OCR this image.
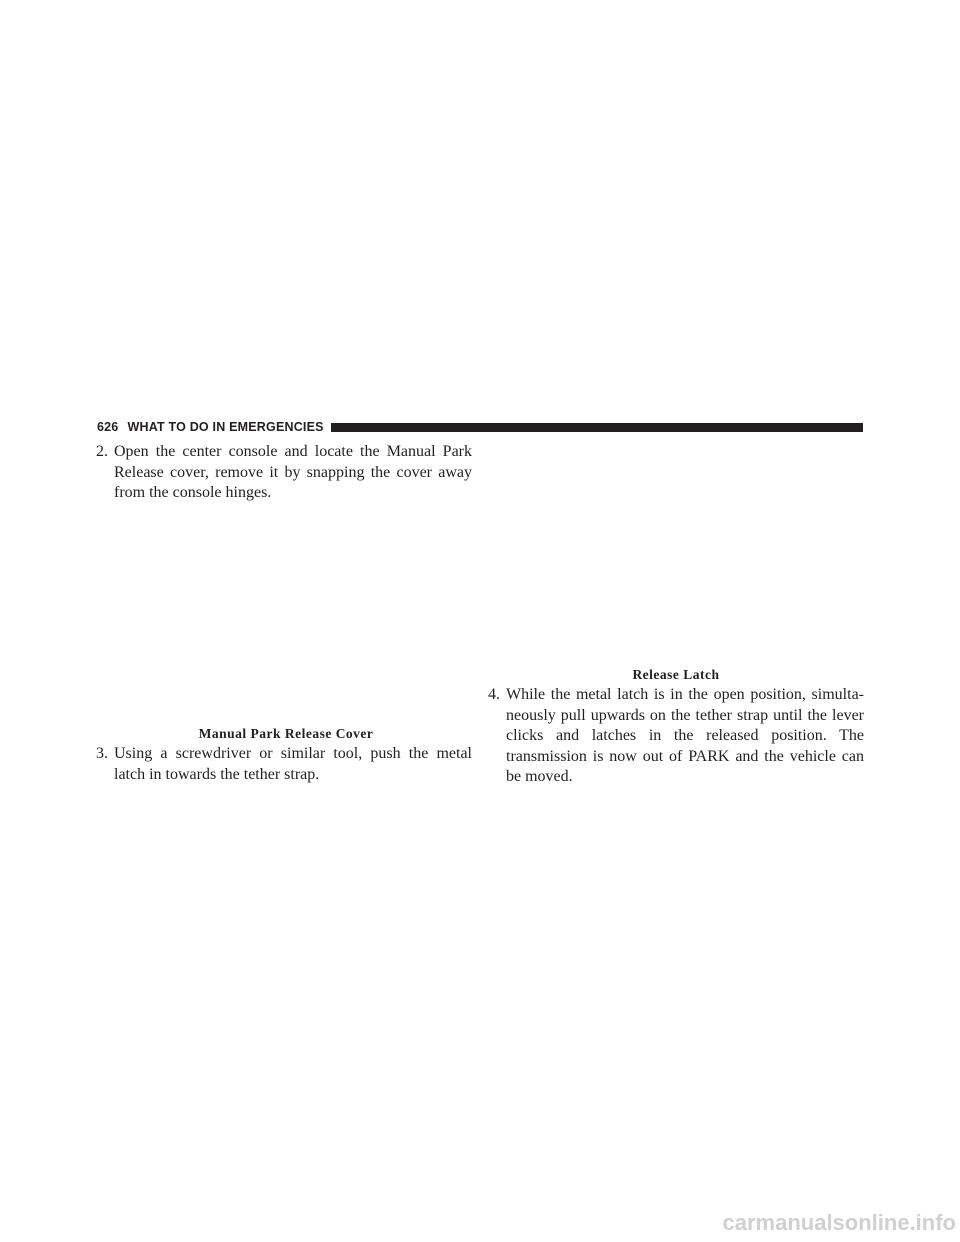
626 WHAT TO DO IN EMERGENCIES
2. Open the center console and locate the Manual Park Release cover, remove it by snapping the cover away from the console hinges.
Manual Park Release Cover
3. Using a screwdriver or similar tool, push the metal latch in towards the tether strap.
Release Latch
4. While the metal latch is in the open position, simulta-neously pull upwards on the tether strap until the lever clicks and latches in the released position. The transmission is now out of PARK and the vehicle can be moved.
carmanualsonline.info
